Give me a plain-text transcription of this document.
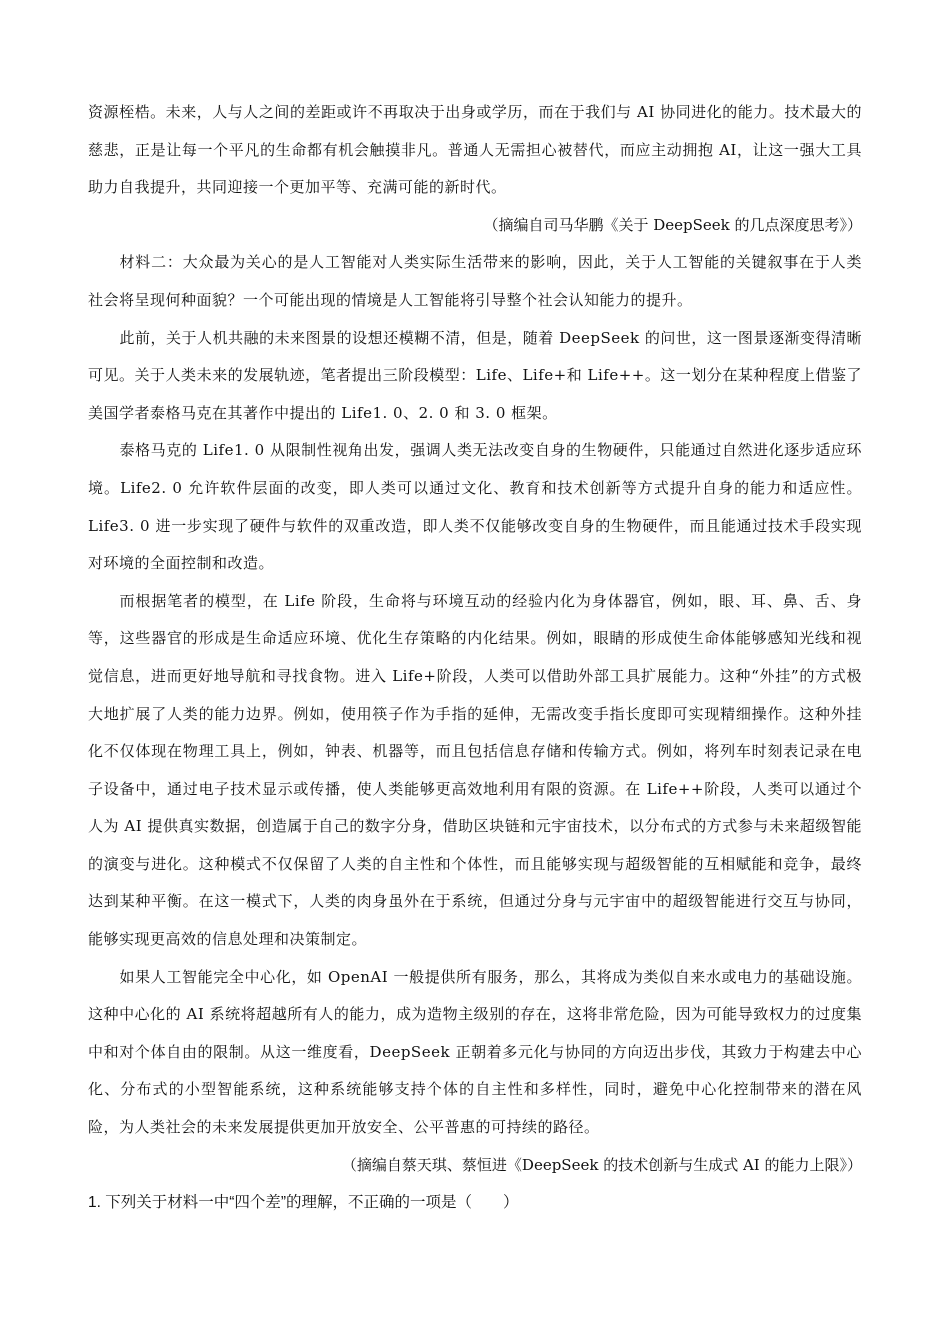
资源桎梏。未来，人与人之间的差距或许不再取决于出身或学历，而在于我们与 AI 协同进化的能力。技术最大的慈悲，正是让每一个平凡的生命都有机会触摸非凡。普通人无需担心被替代，而应主动拥抱 AI，让这一强大工具助力自我提升，共同迎接一个更加平等、充满可能的新时代。

（摘编自司马华鹏《关于 DeepSeek 的几点深度思考》）

材料二：大众最为关心的是人工智能对人类实际生活带来的影响，因此，关于人工智能的关键叙事在于人类社会将呈现何种面貌？一个可能出现的情境是人工智能将引导整个社会认知能力的提升。

此前，关于人机共融的未来图景的设想还模糊不清，但是，随着 DeepSeek 的问世，这一图景逐渐变得清晰可见。关于人类未来的发展轨迹，笔者提出三阶段模型：Life、Life+和 Life++。这一划分在某种程度上借鉴了美国学者泰格马克在其著作中提出的 Life1. 0、2. 0 和 3. 0 框架。

泰格马克的 Life1. 0 从限制性视角出发，强调人类无法改变自身的生物硬件，只能通过自然进化逐步适应环境。Life2. 0 允许软件层面的改变，即人类可以通过文化、教育和技术创新等方式提升自身的能力和适应性。Life3. 0 进一步实现了硬件与软件的双重改造，即人类不仅能够改变自身的生物硬件，而且能通过技术手段实现对环境的全面控制和改造。

而根据笔者的模型，在 Life 阶段，生命将与环境互动的经验内化为身体器官，例如，眼、耳、鼻、舌、身等，这些器官的形成是生命适应环境、优化生存策略的内化结果。例如，眼睛的形成使生命体能够感知光线和视觉信息，进而更好地导航和寻找食物。进入 Life+阶段，人类可以借助外部工具扩展能力。这种“外挂”的方式极大地扩展了人类的能力边界。例如，使用筷子作为手指的延伸，无需改变手指长度即可实现精细操作。这种外挂化不仅体现在物理工具上，例如，钟表、机器等，而且包括信息存储和传输方式。例如，将列车时刻表记录在电子设备中，通过电子技术显示或传播，使人类能够更高效地利用有限的资源。在 Life++阶段，人类可以通过个人为 AI 提供真实数据，创造属于自己的数字分身，借助区块链和元宇宙技术，以分布式的方式参与未来超级智能的演变与进化。这种模式不仅保留了人类的自主性和个体性，而且能够实现与超级智能的互相赋能和竞争，最终达到某种平衡。在这一模式下，人类的肉身虽外在于系统，但通过分身与元宇宙中的超级智能进行交互与协同，能够实现更高效的信息处理和决策制定。

如果人工智能完全中心化，如 OpenAI 一般提供所有服务，那么，其将成为类似自来水或电力的基础设施。这种中心化的 AI 系统将超越所有人的能力，成为造物主级别的存在，这将非常危险，因为可能导致权力的过度集中和对个体自由的限制。从这一维度看，DeepSeek 正朝着多元化与协同的方向迈出步伐，其致力于构建去中心化、分布式的小型智能系统，这种系统能够支持个体的自主性和多样性，同时，避免中心化控制带来的潜在风险，为人类社会的未来发展提供更加开放安全、公平普惠的可持续的路径。

（摘编自蔡天琪、蔡恒进《DeepSeek 的技术创新与生成式 AI 的能力上限》）

1. 下列关于材料一中“四个差”的理解，不正确的一项是（　　）
